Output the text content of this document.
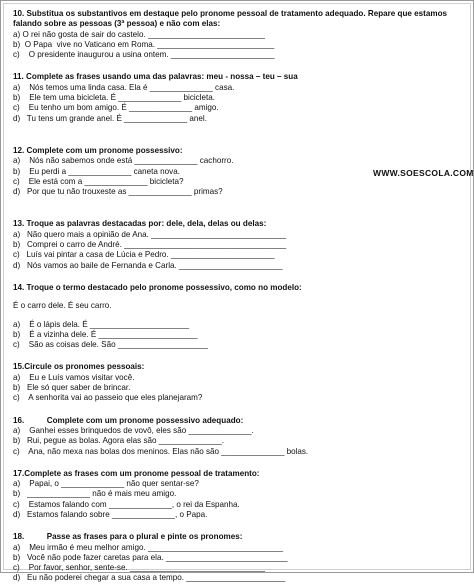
10. Substitua os substantivos em destaque pelo pronome pessoal de tratamento adequado. Repare que estamos falando sobre as pessoas (3ª pessoa) e não com elas:
a) O rei não gosta de sair do castelo. __________________________
b)  O Papa  vive no Vaticano em Roma. __________________________
c)    O presidente inaugurou a usina ontem. _______________________
11. Complete as frases usando uma das palavras: meu - nossa – teu – sua
a)    Nós temos uma linda casa. Ela é ______________ casa.
b)    Ele tem uma bicicleta. É ______________ bicicleta.
c)    Eu tenho um bom amigo. É ______________ amigo.
d)   Tu tens um grande anel. É ______________ anel.
12. Complete com um pronome possessivo:
a)    Nós não sabemos onde está ______________ cachorro.
b)    Eu perdi a ______________ caneta nova.
c)    Ele está com a ______________ bicicleta?
d)   Por que tu não trouxeste as ______________ primas?
13. Troque as palavras destacadas por: dele, dela, delas ou delas:
a)   Não quero mais a opinião de Ana. ______________________________
b)   Comprei o carro de André. ____________________________________
c)   Luís vai pintar a casa de Lúcia e Pedro. _______________________
d)   Nós vamos ao baile de Fernanda e Carla. _______________________
14. Troque o termo destacado pelo pronome possessivo, como no modelo:
É o carro dele. É seu carro.
a)    É o lápis dela. É ______________________
b)    É a vizinha dele. É ______________________
c)    São as coisas dele. São ____________________
15.Circule os pronomes pessoais:
a)    Eu e Luís vamos visitar você.
b)   Ele só quer saber de brincar.
c)    A senhorita vai ao passeio que eles planejaram?
16.          Complete com um pronome possessivo adequado:
a)    Ganhei esses brinquedos de vovô, eles são ______________.
b)   Rui, pegue as bolas. Agora elas são ______________.
c)    Ana, não mexa nas bolas dos meninos. Elas não são ______________ bolas.
17.Complete as frases com um pronome pessoal de tratamento:
a)    Papai, o ______________ não quer sentar-se?
b)   ______________ não é mais meu amigo.
c)    Estamos falando com ______________, o rei da Espanha.
d)   Estamos falando sobre ______________, o Papa.
18.          Passe as frases para o plural e pinte os pronomes:
a)    Meu irmão é meu melhor amigo. ______________________________
b)   Você não pode fazer caretas para ela. ___________________________
c)    Por favor, senhor, sente-se. ______________________________
d)   Eu não poderei chegar a sua casa a tempo. ______________________
WWW.SOESCOLA.COM
